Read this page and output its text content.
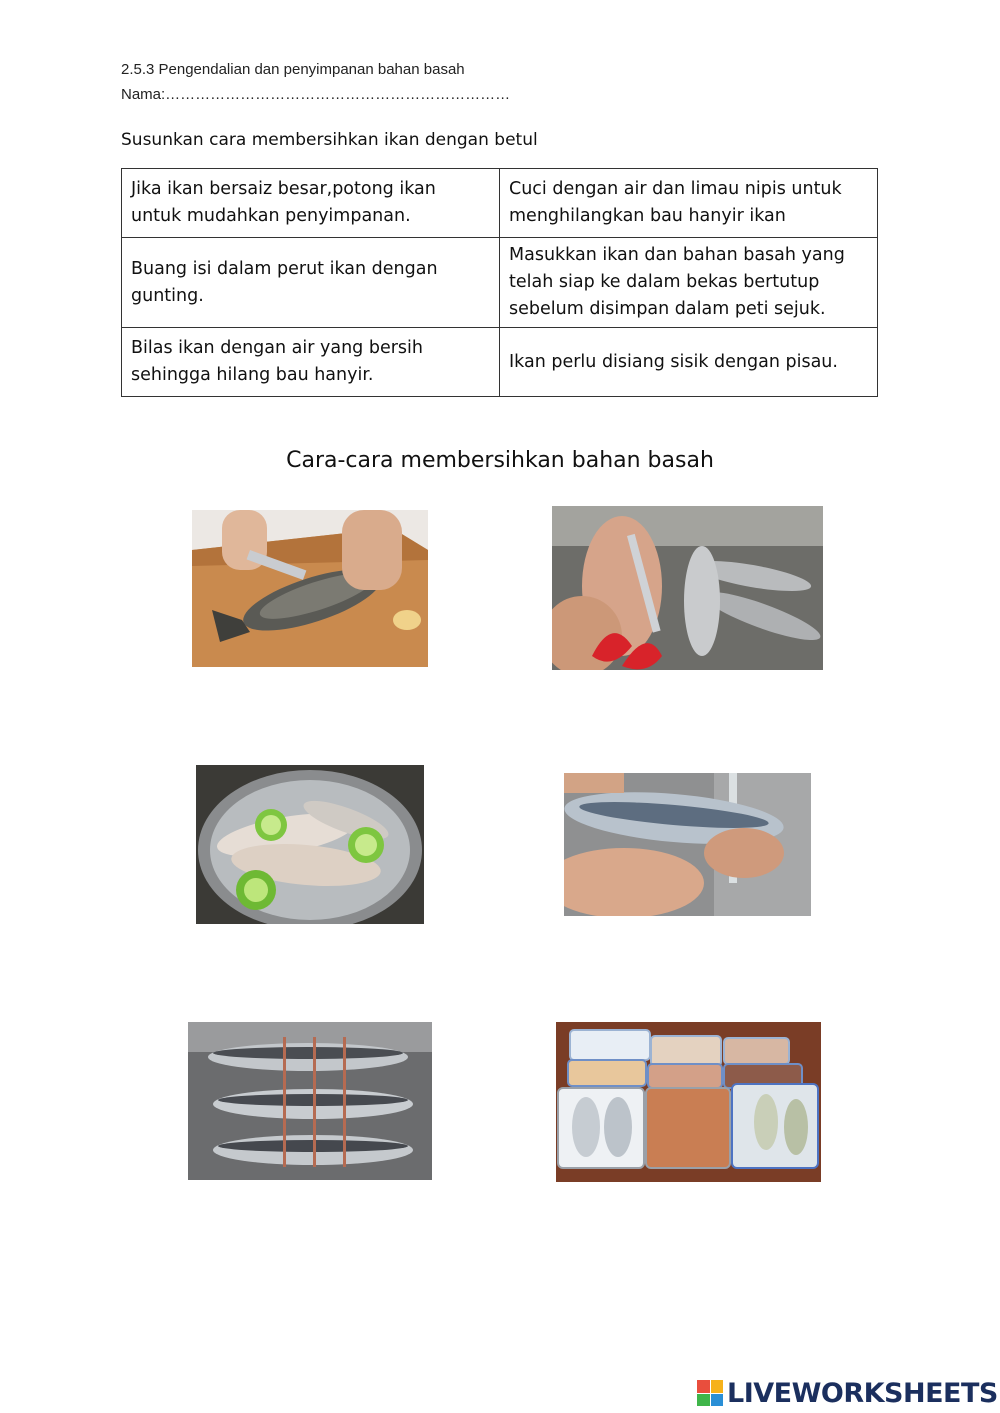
2.5.3 Pengendalian dan penyimpanan bahan basah
Nama:……………………………………………………………
Susunkan cara membersihkan ikan dengan betul
Jika ikan bersaiz besar,potong ikan untuk mudahkan penyimpanan.	Cuci dengan air dan limau nipis untuk menghilangkan bau hanyir ikan
Buang isi dalam perut ikan dengan gunting.	Masukkan ikan dan bahan basah yang telah siap ke dalam bekas bertutup sebelum disimpan dalam peti sejuk.
Bilas ikan dengan air yang bersih sehingga hilang bau hanyir.	Ikan perlu disiang sisik dengan pisau.
Cara-cara membersihkan bahan basah
LIVEWORKSHEETS
